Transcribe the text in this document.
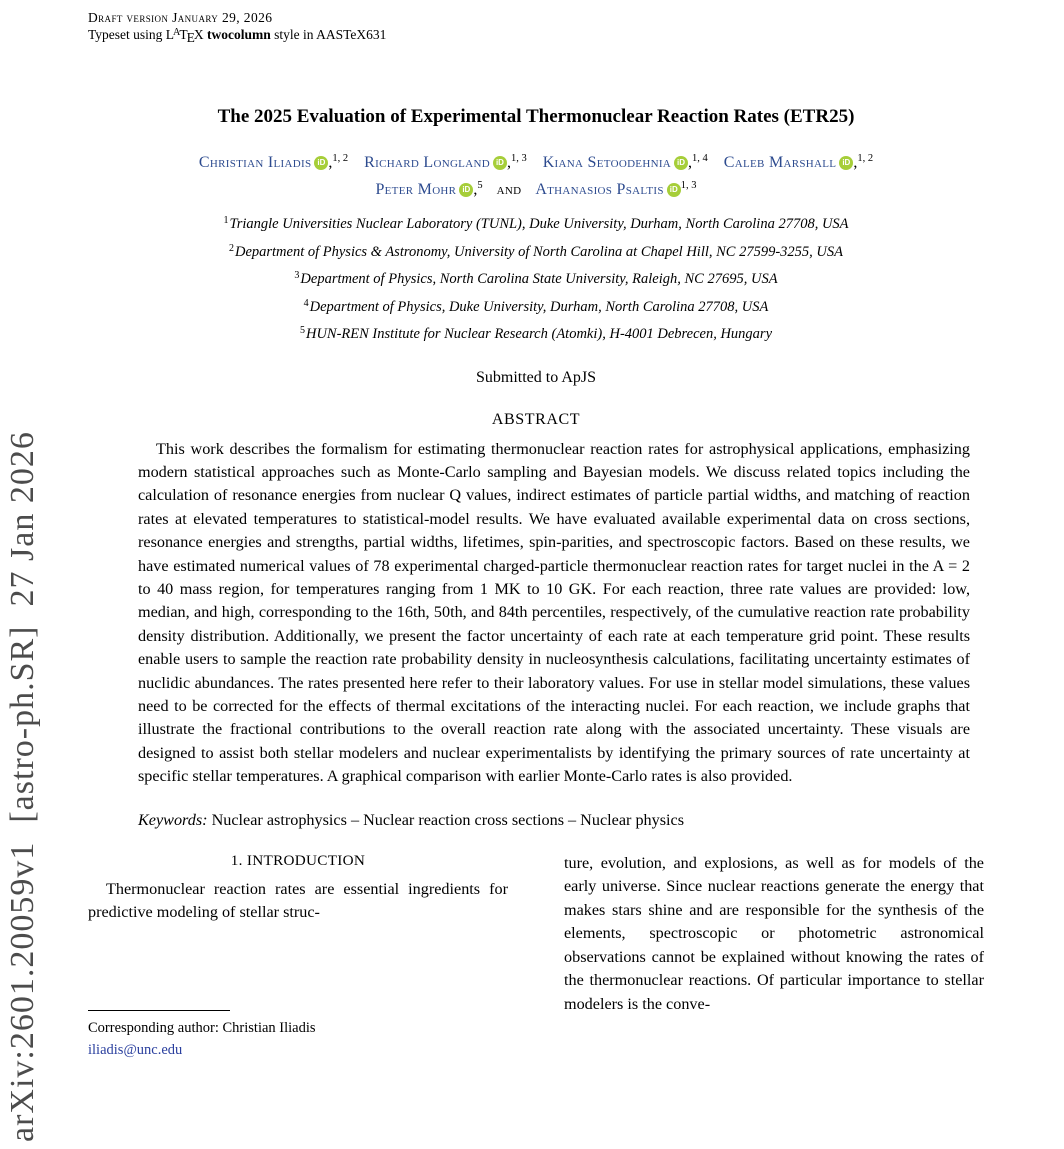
arXiv:2601.20059v1  [astro-ph.SR]  27 Jan 2026
Draft version January 29, 2026
Typeset using LATEX twocolumn style in AASTeX631
The 2025 Evaluation of Experimental Thermonuclear Reaction Rates (ETR25)
Christian Iliadis iD ,$^{1, 2}$ Richard Longland iD ,$^{1, 3}$ Kiana Setoodehnia iD ,$^{1, 4}$ Caleb Marshall iD ,$^{1, 2}$
Peter Mohr iD ,$^5$ and Athanasios Psaltis iD $^{1, 3}$
$^1$Triangle Universities Nuclear Laboratory (TUNL), Duke University, Durham, North Carolina 27708, USA
$^2$Department of Physics & Astronomy, University of North Carolina at Chapel Hill, NC 27599-3255, USA
$^3$Department of Physics, North Carolina State University, Raleigh, NC 27695, USA
$^4$Department of Physics, Duke University, Durham, North Carolina 27708, USA
$^5$HUN-REN Institute for Nuclear Research (Atomki), H-4001 Debrecen, Hungary
Submitted to ApJS
ABSTRACT

This work describes the formalism for estimating thermonuclear reaction rates for astrophysical applications, emphasizing modern statistical approaches such as Monte-Carlo sampling and Bayesian models. We discuss related topics including the calculation of resonance energies from nuclear Q values, indirect estimates of particle partial widths, and matching of reaction rates at elevated temperatures to statistical-model results. We have evaluated available experimental data on cross sections, resonance energies and strengths, partial widths, lifetimes, spin-parities, and spectroscopic factors. Based on these results, we have estimated numerical values of 78 experimental charged-particle thermonuclear reaction rates for target nuclei in the A = 2 to 40 mass region, for temperatures ranging from 1 MK to 10 GK. For each reaction, three rate values are provided: low, median, and high, corresponding to the 16th, 50th, and 84th percentiles, respectively, of the cumulative reaction rate probability density distribution. Additionally, we present the factor uncertainty of each rate at each temperature grid point. These results enable users to sample the reaction rate probability density in nucleosynthesis calculations, facilitating uncertainty estimates of nuclidic abundances. The rates presented here refer to their laboratory values. For use in stellar model simulations, these values need to be corrected for the effects of thermal excitations of the interacting nuclei. For each reaction, we include graphs that illustrate the fractional contributions to the overall reaction rate along with the associated uncertainty. These visuals are designed to assist both stellar modelers and nuclear experimentalists by identifying the primary sources of rate uncertainty at specific stellar temperatures. A graphical comparison with earlier Monte-Carlo rates is also provided.

Keywords: Nuclear astrophysics – Nuclear reaction cross sections – Nuclear physics

1. INTRODUCTION

Thermonuclear reaction rates are essential ingredients for predictive modeling of stellar struc-

Corresponding author: Christian Iliadis
iliadis@unc.edu

ture, evolution, and explosions, as well as for models of the early universe. Since nuclear reactions generate the energy that makes stars shine and are responsible for the synthesis of the elements, spectroscopic or photometric astronomical observations cannot be explained without knowing the rates of the thermonuclear reactions. Of particular importance to stellar modelers is the conve-
